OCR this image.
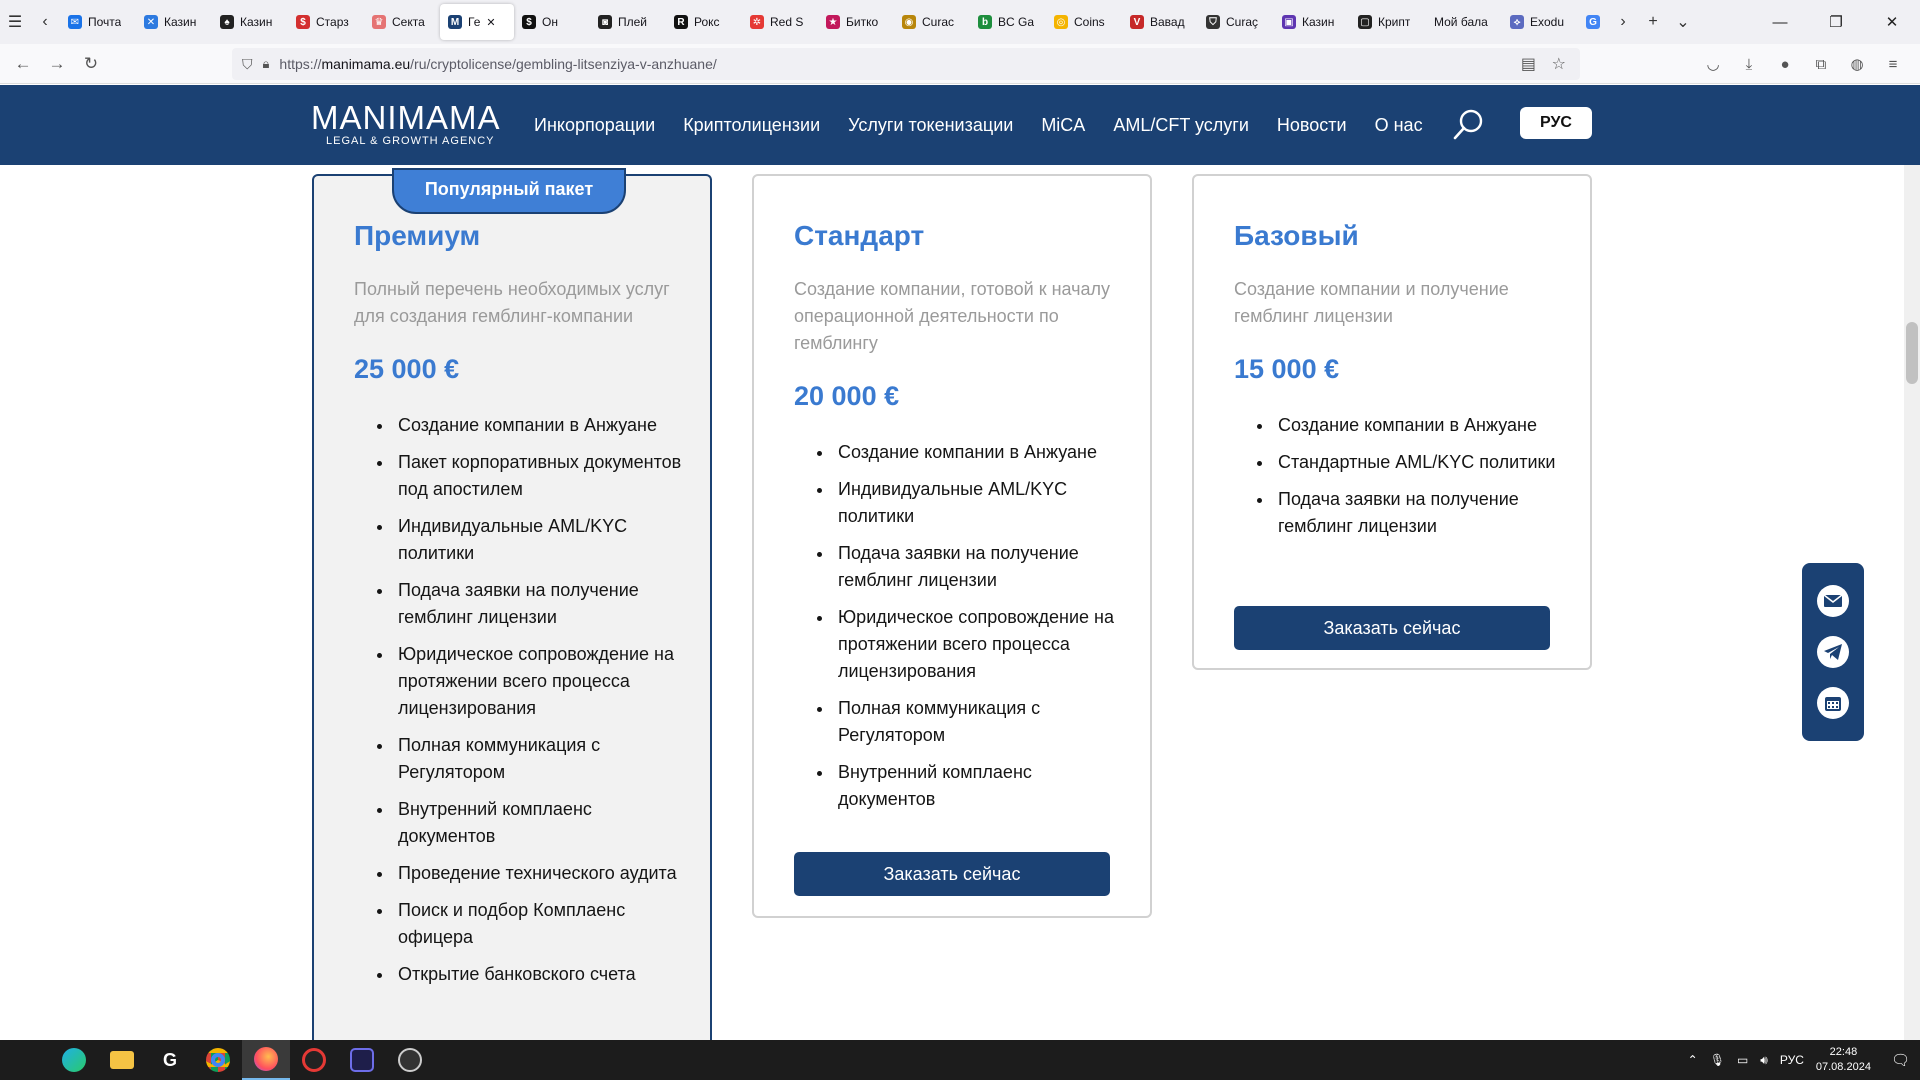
☰	‹	✉ Почта	✕ Казин	♠ Казин	$ Старз	♛ Секта	M Ге ✕	$ Он	◙ Плей	R Рокс	✲ Red S	★ Битко	◉ Curac	b BC Ga ◎ Coins	V Вавад	⛉ Curaç	▣ Казин	▢ Крипт Мой бала	⟡ Exodu	G	›	+	⌄	—	❐	✕
←	→	↻	⛉ 🔒︎ https://manimama.eu/ru/cryptolicense/gembling-litsenziya-v-anzhuane/	▤ ☆	◡	⤓	●	⧉	◍	≡
MANIMAMA
LEGAL & GROWTH AGENCY
Инкорпорации Криптолицензии Услуги токенизации MiCA AML/CFT услуги Новости О нас	РУС
Популярный пакет
Премиум
Полный перечень необходимых услуг для создания гемблинг-компании
25 000 €
• Создание компании в Анжуане
• Пакет корпоративных документов под апостилем
• Индивидуальные AML/KYC политики
• Подача заявки на получение гемблинг лицензии
• Юридическое сопровождение на протяжении всего процесса лицензирования
• Полная коммуникация с Регулятором
• Внутренний комплаенс документов
• Проведение технического аудита
• Поиск и подбор Комплаенс офицера
• Открытие банковского счета
Стандарт
Создание компании, готовой к началу операционной деятельности по гемблингу
20 000 €
• Создание компании в Анжуане
• Индивидуальные AML/KYC политики
• Подача заявки на получение гемблинг лицензии
• Юридическое сопровождение на протяжении всего процесса лицензирования
• Полная коммуникация с Регулятором
• Внутренний комплаенс документов
Заказать сейчас
Базовый
Создание компании и получение гемблинг лицензии
15 000 €
• Создание компании в Анжуане
• Стандартные AML/KYC политики
• Подача заявки на получение гемблинг лицензии
Заказать сейчас
G	⌃ 🎙︎ ▭ 🔊︎ РУС
22:48
07.08.2024 🗨︎
